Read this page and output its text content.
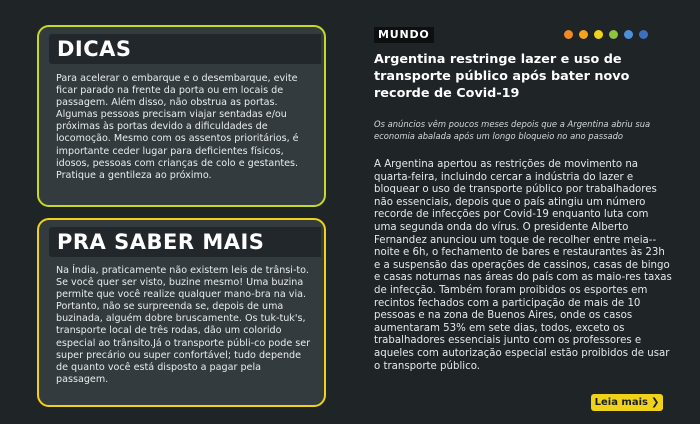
DICAS

Para acelerar o embarque e o desembarque, evite ficar parado na frente da porta ou em locais de passagem. Além disso, não obstrua as portas. Algumas pessoas precisam viajar sentadas e/ou próximas às portas devido a dificuldades de locomoção. Mesmo com os assentos prioritários, é importante ceder lugar para deficientes físicos, idosos, pessoas com crianças de colo e gestantes. Pratique a gentileza ao próximo.

PRA SABER MAIS

Na Índia, praticamente não existem leis de trânsi-to. Se você quer ser visto, buzine mesmo! Uma buzina permite que você realize qualquer mano-bra na via. Portanto, não se surpreenda se, depois de uma buzinada, alguém dobre bruscamente. Os tuk-tuk's, transporte local de três rodas, dão um colorido especial ao trânsito.Já o transporte públi-co pode ser super precário ou super confortável; tudo depende de quanto você está disposto a pagar pela passagem.

MUNDO
Argentina restringe lazer e uso de transporte público após bater novo recorde de Covid-19

Os anúncios vêm poucos meses depois que a Argentina abriu sua economia abalada após um longo bloqueio no ano passado

A Argentina apertou as restrições de movimento na quarta-feira, incluindo cercar a indústria do lazer e bloquear o uso de transporte público por trabalhadores não essenciais, depois que o país atingiu um número recorde de infecções por Covid-19 enquanto luta com uma segunda onda do vírus. O presidente Alberto Fernandez anunciou um toque de recolher entre meia--noite e 6h, o fechamento de bares e restaurantes às 23h e a suspensão das operações de cassinos, casas de bingo e casas noturnas nas áreas do país com as maio-res taxas de infecção. Também foram proibidos os esportes em recintos fechados com a participação de mais de 10 pessoas e na zona de Buenos Aires, onde os casos aumentaram 53% em sete dias, todos, exceto os trabalhadores essenciais junto com os professores e aqueles com autorização especial estão proibidos de usar o transporte público.

Leia mais ❯
